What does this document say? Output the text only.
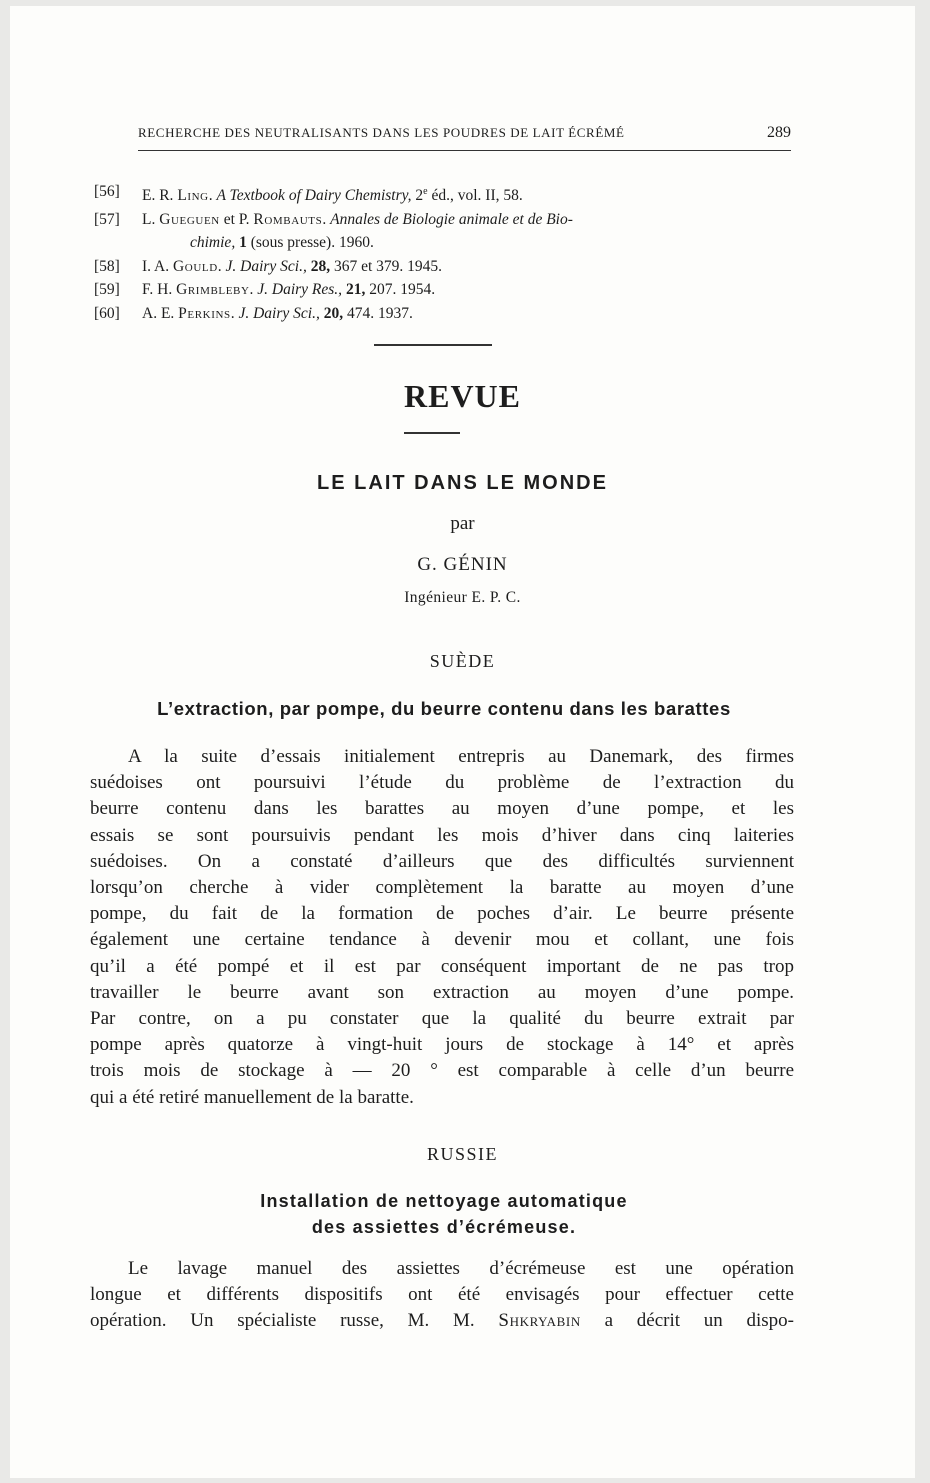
RECHERCHE DES NEUTRALISANTS DANS LES POUDRES DE LAIT ÉCRÉMÉ	289
[56]	E. R. Ling. A Textbook of Dairy Chemistry, 2e éd., vol. II, 58.
[57]	L. Gueguen et P. Rombauts. Annales de Biologie animale et de Bio-
chimie, 1 (sous presse). 1960.
[58]	I. A. Gould. J. Dairy Sci., 28, 367 et 379. 1945.
[59]	F. H. Grimbleby. J. Dairy Res., 21, 207. 1954.
[60]	A. E. Perkins. J. Dairy Sci., 20, 474. 1937.
REVUE
LE LAIT DANS LE MONDE
par
G. GÉNIN
Ingénieur E. P. C.
SUÈDE
L’extraction, par pompe, du beurre contenu dans les barattes
A la suite d’essais initialement entrepris au Danemark, des firmes
suédoises ont poursuivi l’étude du problème de l’extraction du
beurre contenu dans les barattes au moyen d’une pompe, et les
essais se sont poursuivis pendant les mois d’hiver dans cinq laiteries
suédoises. On a constaté d’ailleurs que des difficultés surviennent
lorsqu’on cherche à vider complètement la baratte au moyen d’une
pompe, du fait de la formation de poches d’air. Le beurre présente
également une certaine tendance à devenir mou et collant, une fois
qu’il a été pompé et il est par conséquent important de ne pas trop
travailler le beurre avant son extraction au moyen d’une pompe.
Par contre, on a pu constater que la qualité du beurre extrait par
pompe après quatorze à vingt-huit jours de stockage à 14° et après
trois mois de stockage à — 20 ° est comparable à celle d’un beurre
qui a été retiré manuellement de la baratte.
RUSSIE
Installation de nettoyage automatique
des assiettes d’écrémeuse.
Le lavage manuel des assiettes d’écrémeuse est une opération
longue et différents dispositifs ont été envisagés pour effectuer cette
opération. Un spécialiste russe, M. M. Shkryabin a décrit un dispo-
